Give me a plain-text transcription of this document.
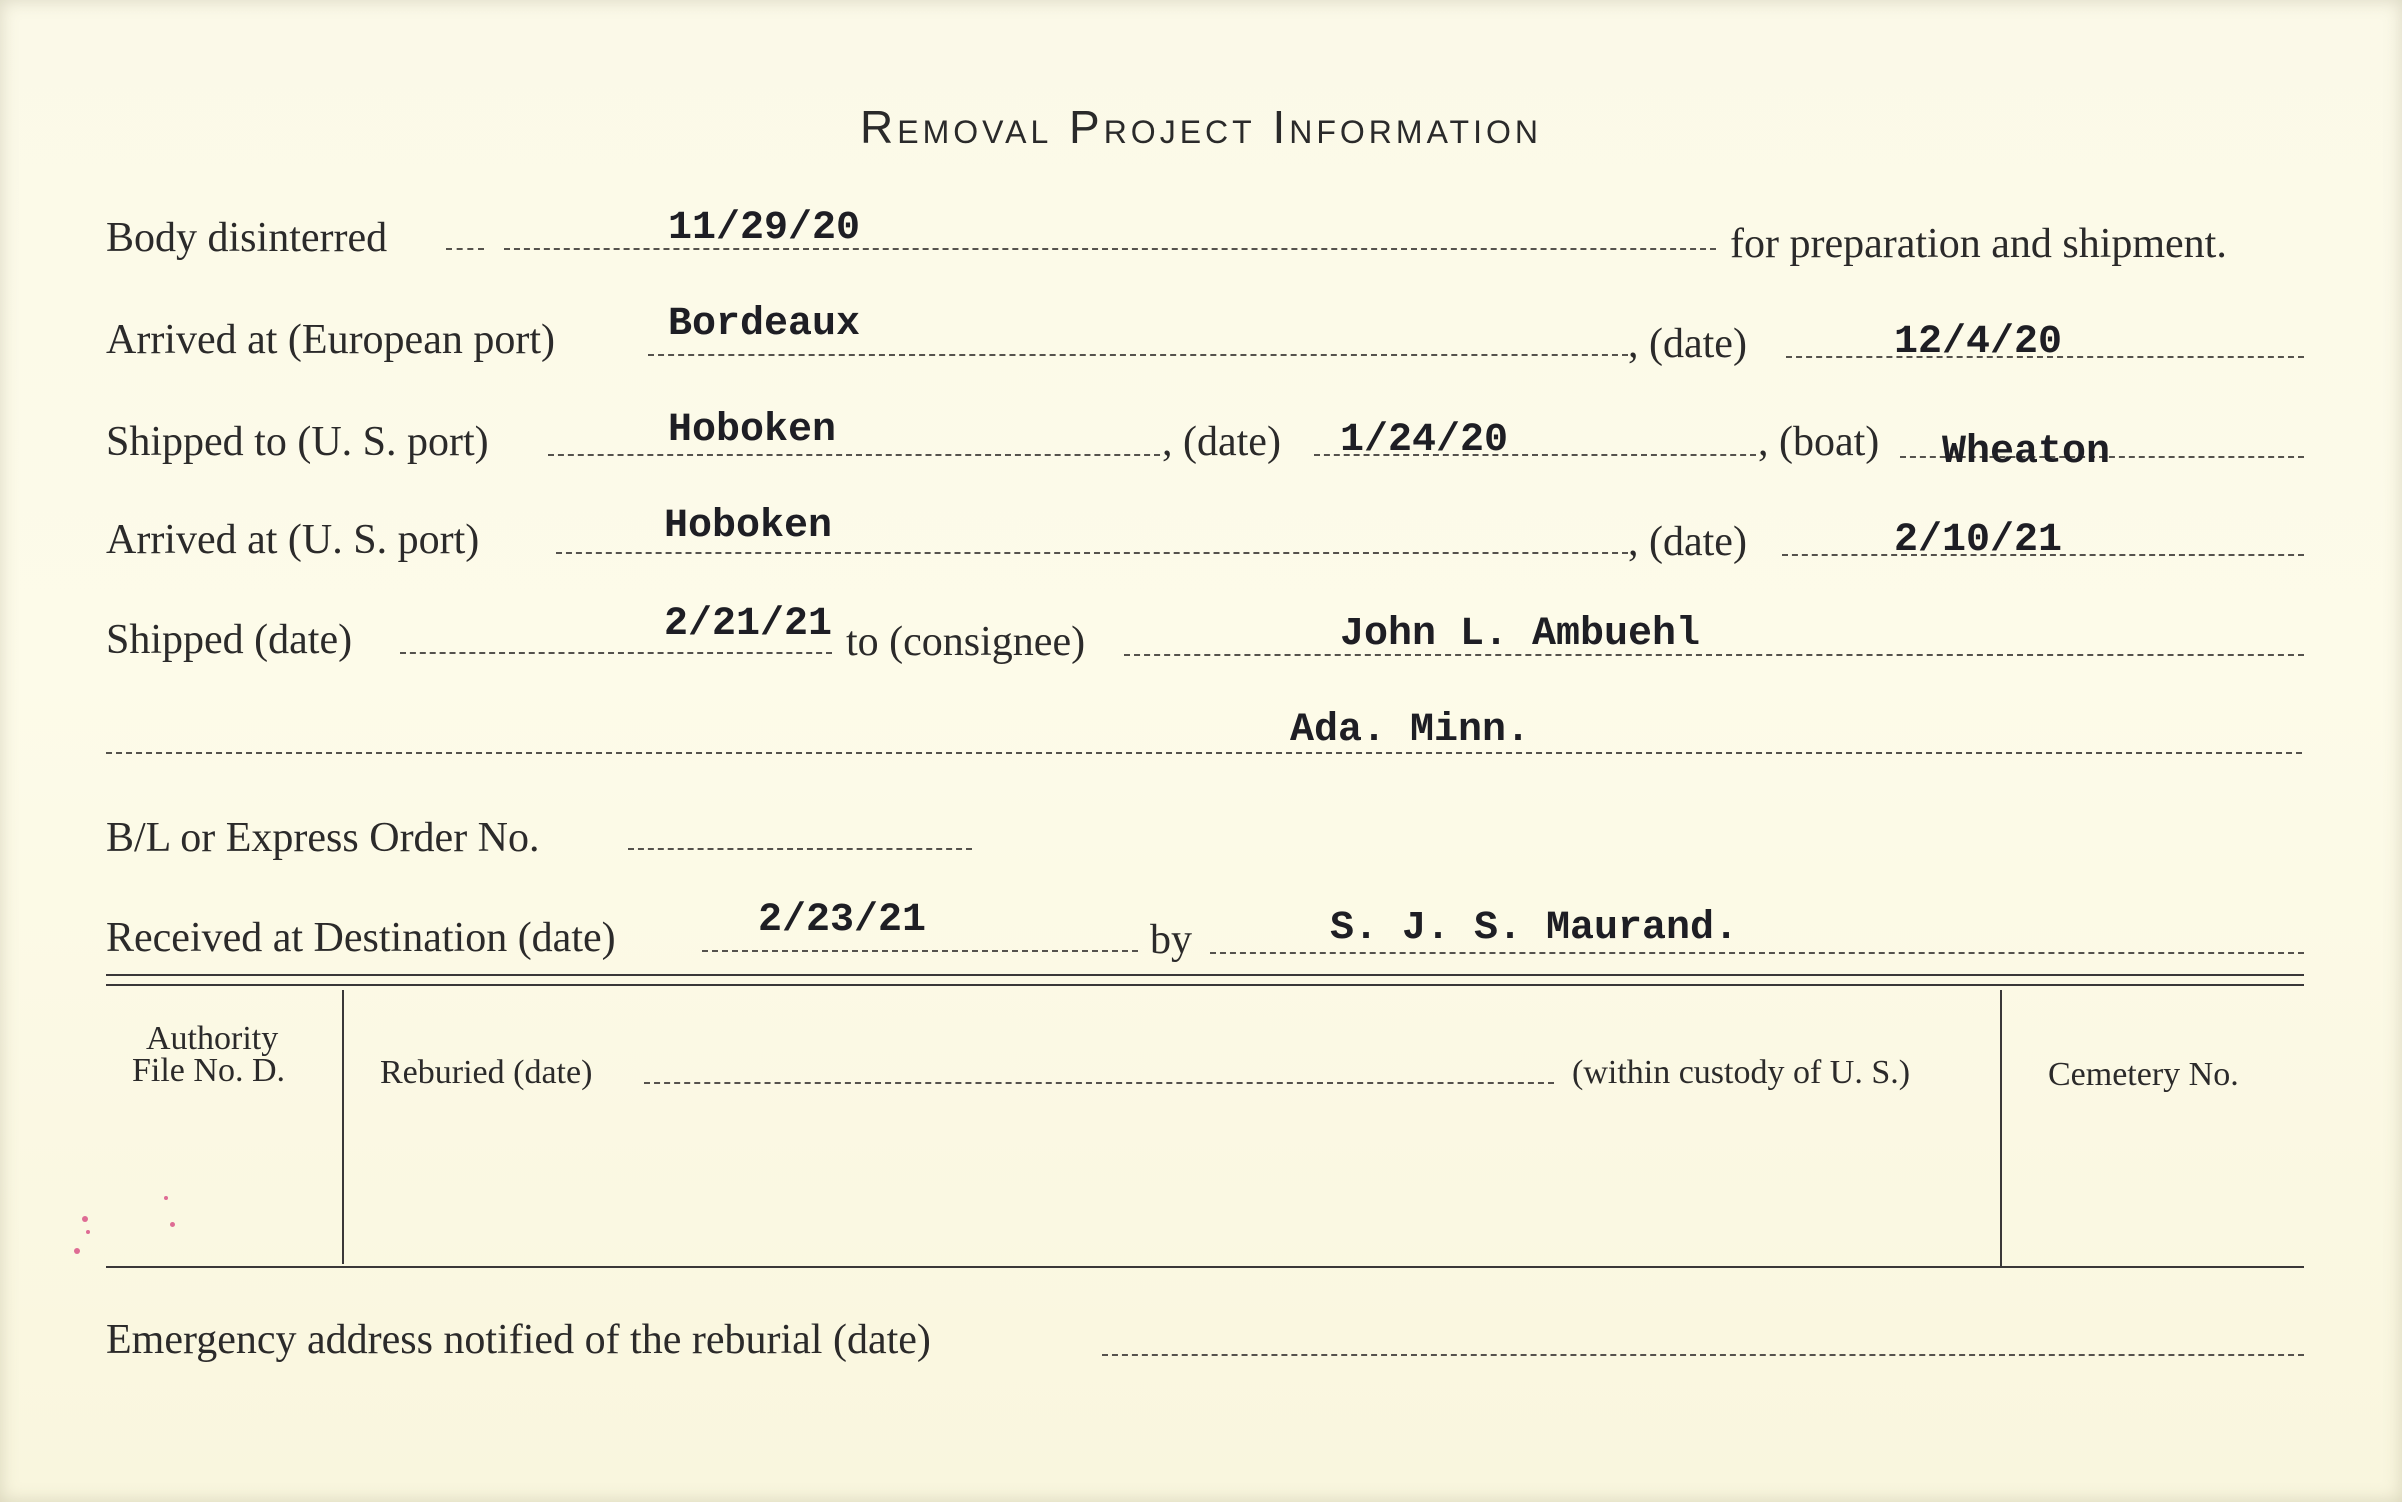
Removal Project Information
Body disinterred	11/29/20	for preparation and shipment.
Arrived at (European port)	Bordeaux	, (date)	12/4/20
Shipped to (U. S. port)	Hoboken	, (date) 1/24/20	, (boat) Wheaton
Arrived at (U. S. port)	Hoboken	, (date)	2/10/21
Shipped (date)	2/21/21 to (consignee)	John L. Ambuehl
Ada. Minn.
B/L or Express Order No.
Received at Destination (date)	2/23/21	by	S. J. S. Maurand.
Authority
File No. D.	Reburied (date)	(within custody of U. S.)	Cemetery No.
Emergency address notified of the reburial (date)
